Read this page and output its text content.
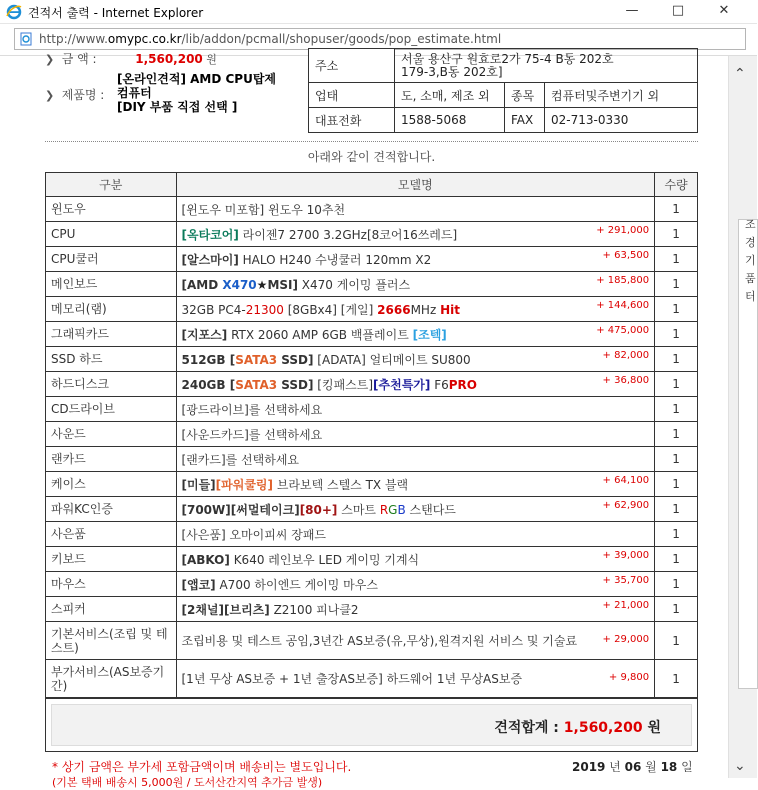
견적서 출력 - Internet Explorer	—	□	✕
http://www.omypc.co.kr/lib/addon/pcmall/shopuser/goods/pop_estimate.html
❯ 금 액 :	1,560,200 원
❯ 제품명 :
[온라인견적] AMD CPU탑제
컴퓨터
[DIY 부품 직접 선택 ]
주소	서울 용산구 원효로2가 75-4 B동 202호
179-3,B동 202호]		

업태	도, 소매, 제조 외	종목	컴퓨터및주변기기 외
대표전화	1588-5068	FAX	02-713-0330
아래와 같이 견적합니다.
구분	모델명	수량
윈도우	[윈도우 미포함] 윈도우 10추천	1
CPU	[옥타코어] 라이젠7 2700 3.2GHz[8코어16쓰레드] + 291,000	1
CPU쿨러	[알스마이] HALO H240 수냉쿨러 120mm X2 + 63,500	1
메인보드	[AMD X470★MSI] X470 게이밍 플러스 + 185,800	1
메모리(램)	32GB PC4-21300 [8GBx4] [게일] 2666MHz Hit + 144,600	1
그래픽카드	[지포스] RTX 2060 AMP 6GB 백플레이트 [조텍] + 475,000	1
SSD 하드	512GB [SATA3 SSD] [ADATA] 얼티메이트 SU800 + 82,000	1
하드디스크	240GB [SATA3 SSD] [킹패스트][추천특가] F6PRO + 36,800	1
CD드라이브	[광드라이브]를 선택하세요	1
사운드	[사운드카드]를 선택하세요	1
랜카드	[랜카드]를 선택하세요	1
케이스	[미들][파워쿨링] 브라보텍 스텔스 TX 블랙 + 64,100	1
파워KC인증	[700W][써멀테이크][80+] 스마트 RGB 스탠다드 + 62,900	1
사은품	[사은품] 오마이피씨 장패드	1
키보드	[ABKO] K640 레인보우 LED 게이밍 기계식 + 39,000	1
마우스	[앱코] A700 하이엔드 게이밍 마우스 + 35,700	1
스피커	[2채널][브리츠] Z2100 피나클2 + 21,000	1
기본서비스(조립 및 테스트)	조립비용 및 테스트 공임,3년간 AS보증(유,무상),원격지원 서비스 및 기술료 + 29,000	1
부가서비스(AS보증기간)	[1년 무상 AS보증 + 1년 출장AS보증] 하드웨어 1년 무상AS보증 + 9,800	1
견적합계 : 1,560,200 원
* 상기 금액은 부가세 포함금액이며 배송비는 별도입니다.
(기본 택배 배송시 5,000원 / 도서산간지역 추가금 발생)
2019 년 06 월 18 일
⌃
조 경 기 품 터
⌄
